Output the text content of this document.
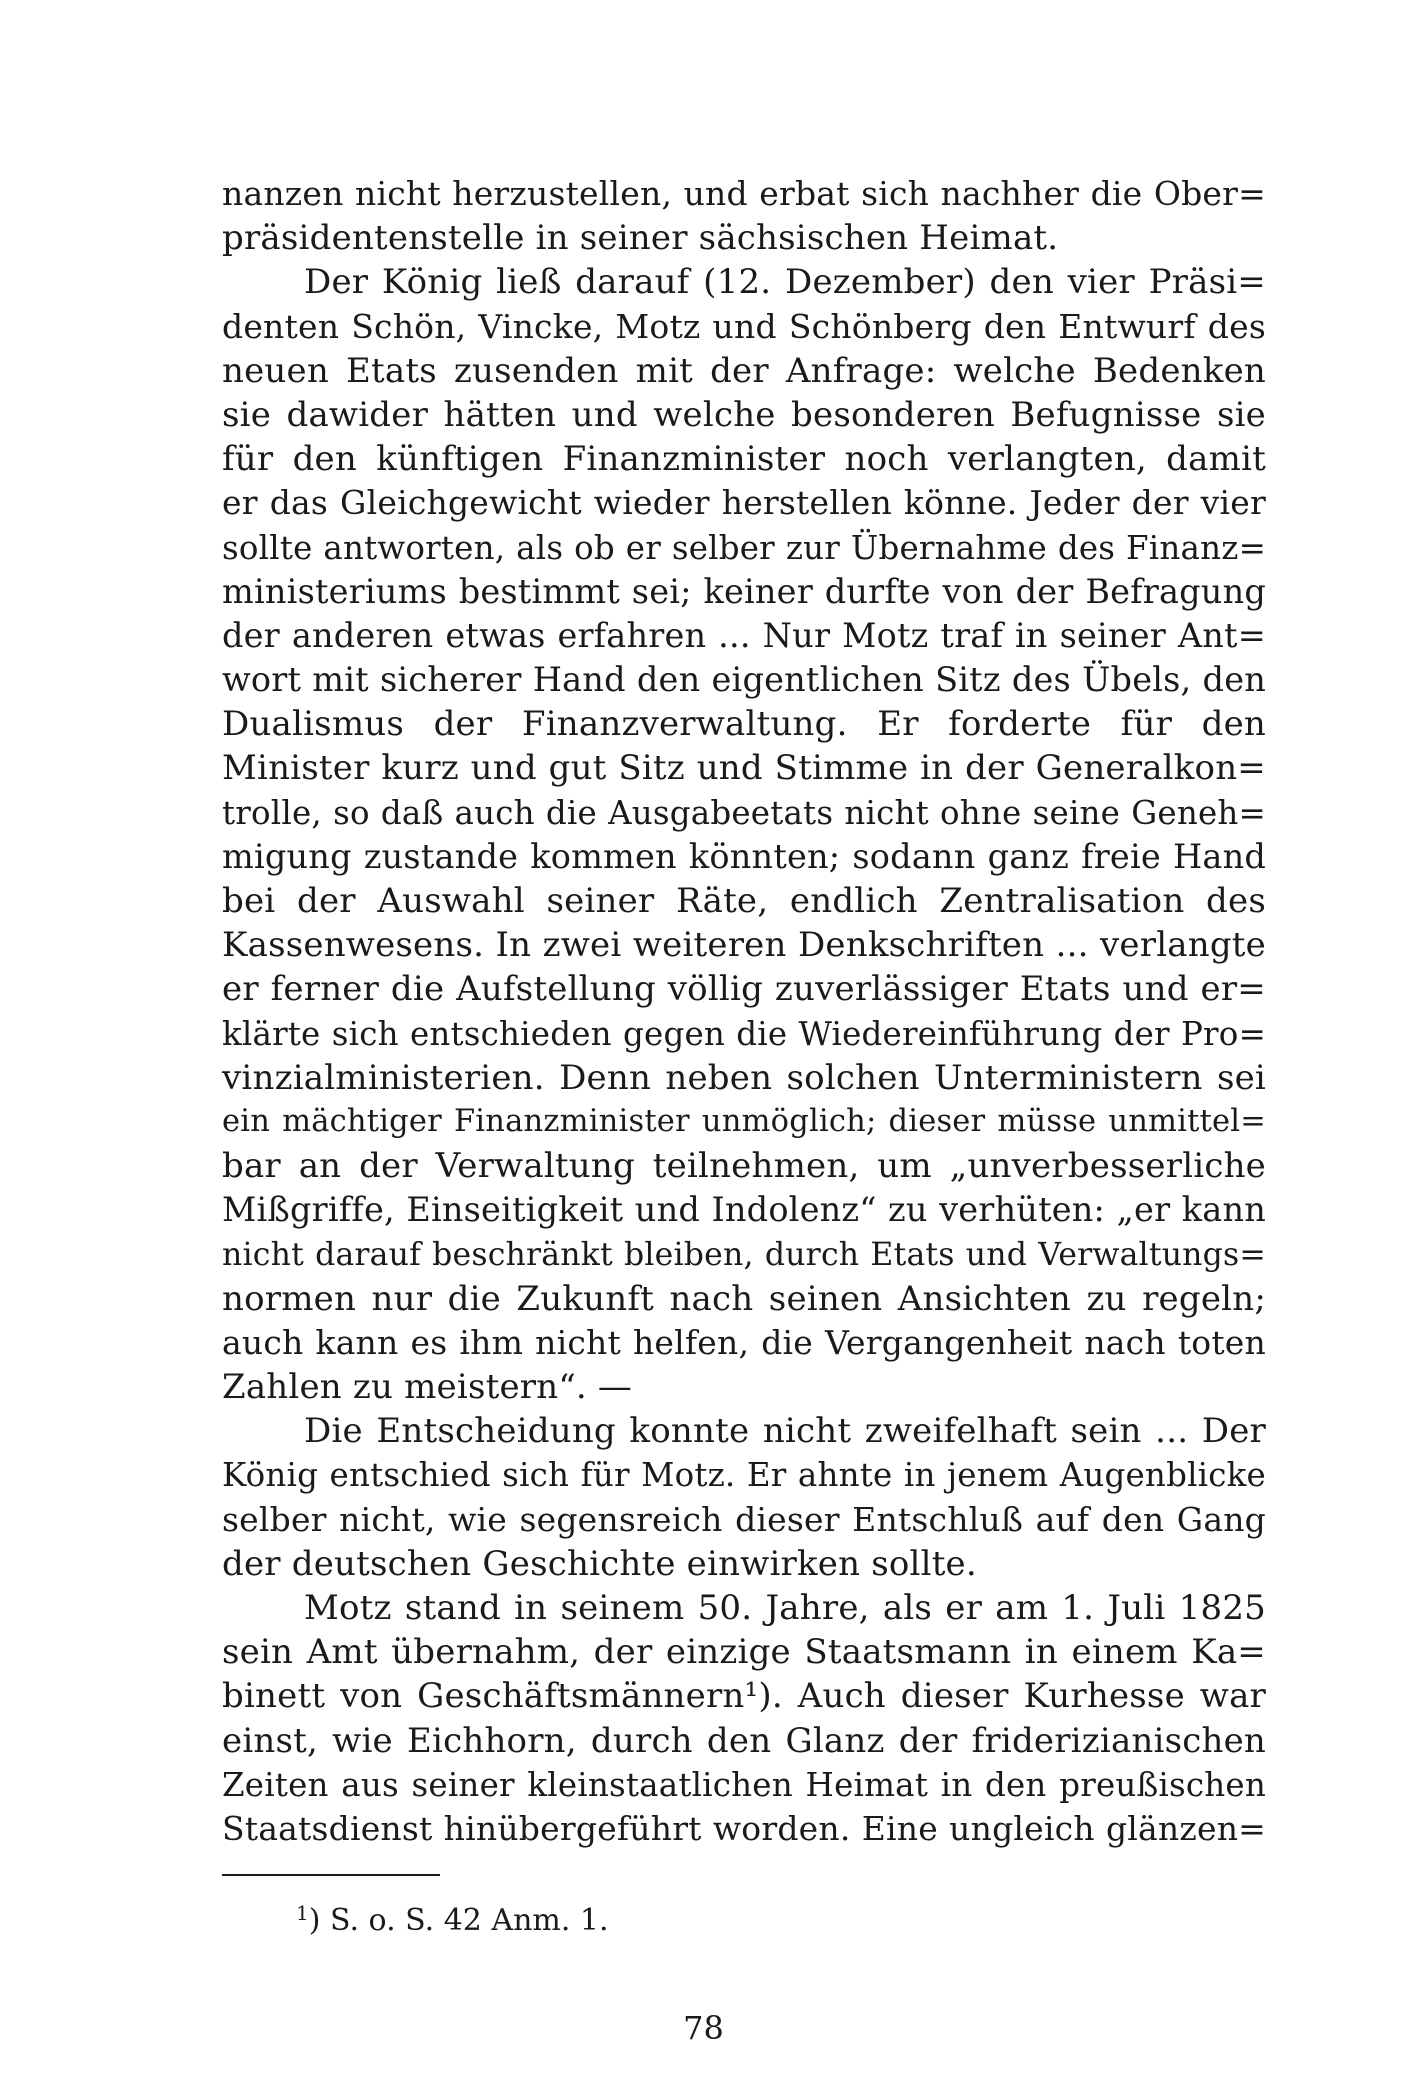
nanzen nicht herzustellen, und erbat sich nachher die Ober=
präsidentenstelle in seiner sächsischen Heimat.
Der König ließ darauf (12. Dezember) den vier Präsi=
denten Schön, Vincke, Motz und Schönberg den Entwurf des
neuen Etats zusenden mit der Anfrage: welche Bedenken
sie dawider hätten und welche besonderen Befugnisse sie
für den künftigen Finanzminister noch verlangten, damit
er das Gleichgewicht wieder herstellen könne. Jeder der vier
sollte antworten, als ob er selber zur Übernahme des Finanz=
ministeriums bestimmt sei; keiner durfte von der Befragung
der anderen etwas erfahren ... Nur Motz traf in seiner Ant=
wort mit sicherer Hand den eigentlichen Sitz des Übels, den
Dualismus der Finanzverwaltung. Er forderte für den
Minister kurz und gut Sitz und Stimme in der Generalkon=
trolle, so daß auch die Ausgabeetats nicht ohne seine Geneh=
migung zustande kommen könnten; sodann ganz freie Hand
bei der Auswahl seiner Räte, endlich Zentralisation des
Kassenwesens. In zwei weiteren Denkschriften ... verlangte
er ferner die Aufstellung völlig zuverlässiger Etats und er=
klärte sich entschieden gegen die Wiedereinführung der Pro=
vinzialministerien. Denn neben solchen Unterministern sei
ein mächtiger Finanzminister unmöglich; dieser müsse unmittel=
bar an der Verwaltung teilnehmen, um „unverbesserliche
Mißgriffe, Einseitigkeit und Indolenz“ zu verhüten: „er kann
nicht darauf beschränkt bleiben, durch Etats und Verwaltungs=
normen nur die Zukunft nach seinen Ansichten zu regeln;
auch kann es ihm nicht helfen, die Vergangenheit nach toten
Zahlen zu meistern“. —
Die Entscheidung konnte nicht zweifelhaft sein ... Der
König entschied sich für Motz. Er ahnte in jenem Augenblicke
selber nicht, wie segensreich dieser Entschluß auf den Gang
der deutschen Geschichte einwirken sollte.
Motz stand in seinem 50. Jahre, als er am 1. Juli 1825
sein Amt übernahm, der einzige Staatsmann in einem Ka=
binett von Geschäftsmännern¹). Auch dieser Kurhesse war
einst, wie Eichhorn, durch den Glanz der friderizianischen
Zeiten aus seiner kleinstaatlichen Heimat in den preußischen
Staatsdienst hinübergeführt worden. Eine ungleich glänzen=
$^1$) S. o. S. 42 Anm. 1.
78
